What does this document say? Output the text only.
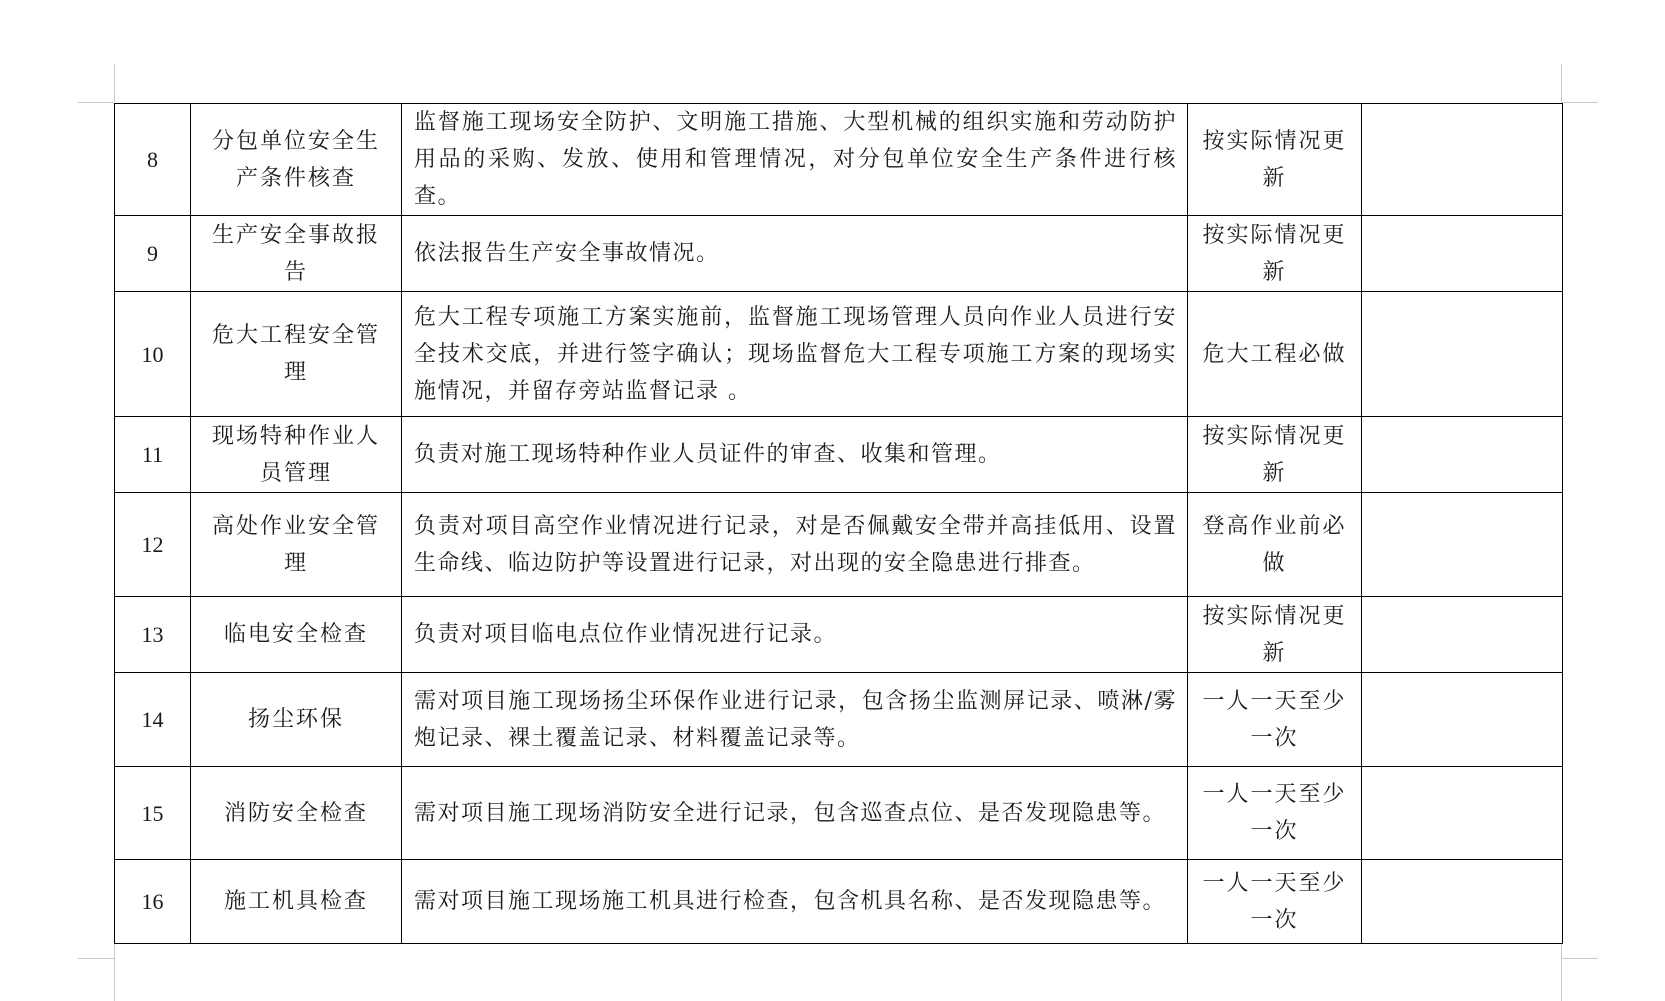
8	分包单位安全生产条件核查	监督施工现场安全防护、文明施工措施、大型机械的组织实施和劳动防护用品的采购、发放、使用和管理情况，对分包单位安全生产条件进行核查。	按实际情况更新	
9	生产安全事故报告	依法报告生产安全事故情况。	按实际情况更新	
10	危大工程安全管理	危大工程专项施工方案实施前，监督施工现场管理人员向作业人员进行安全技术交底，并进行签字确认；现场监督危大工程专项施工方案的现场实施情况，并留存旁站监督记录 。	危大工程必做	
11	现场特种作业人员管理	负责对施工现场特种作业人员证件的审查、收集和管理。	按实际情况更新	
12	高处作业安全管理	负责对项目高空作业情况进行记录，对是否佩戴安全带并高挂低用、设置生命线、临边防护等设置进行记录，对出现的安全隐患进行排查。	登高作业前必做	
13	临电安全检查	负责对项目临电点位作业情况进行记录。	按实际情况更新	
14	扬尘环保	需对项目施工现场扬尘环保作业进行记录，包含扬尘监测屏记录、喷淋/雾炮记录、裸土覆盖记录、材料覆盖记录等。	一人一天至少一次	
15	消防安全检查	需对项目施工现场消防安全进行记录，包含巡查点位、是否发现隐患等。	一人一天至少一次	
16	施工机具检查	需对项目施工现场施工机具进行检查，包含机具名称、是否发现隐患等。	一人一天至少一次	
